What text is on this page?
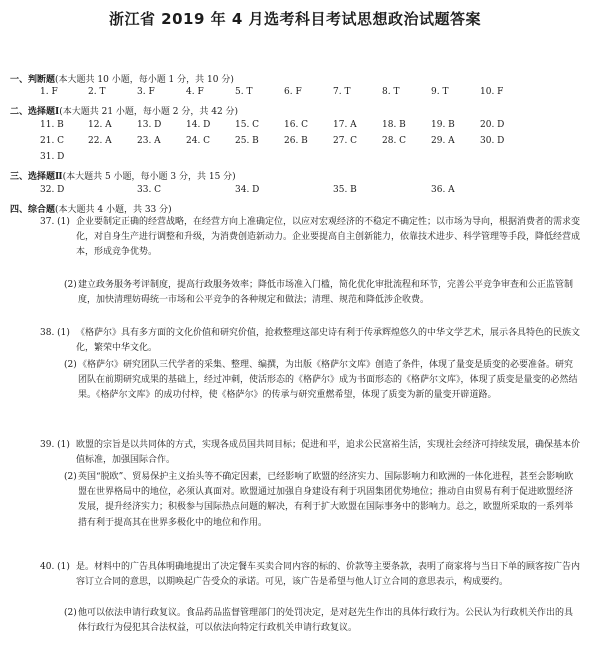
浙江省 2019 年 4 月选考科目考试思想政治试题答案
一、判断题(本大题共 10 小题，每小题 1 分，共 10 分)
1. F	2. T	3. F	4. F	5. T	6. F	7. T	8. T	9. T	10. F
二、选择题Ⅰ(本大题共 21 小题，每小题 2 分，共 42 分)
11. B	12. A	13. D	14. D	15. C	16. C	17. A	18. B	19. B	20. D
21. C	22. A	23. A	24. C	25. B	26. B	27. C	28. C	29. A	30. D
31. D
三、选择题Ⅱ(本大题共 5 小题，每小题 3 分，共 15 分)
32. D	33. C	34. D	35. B	36. A
四、综合题(本大题共 4 小题，共 33 分)
37. (1) 企业要制定正确的经营战略，在经营方向上准确定位，以应对宏观经济的不稳定不确定性；以市场为导向，根据消费者的需求变化，对自身生产进行调整和升级，为消费创造新动力。企业要提高自主创新能力，依靠技术进步、科学管理等手段，降低经营成本，形成竞争优势。
(2) 建立政务服务考评制度，提高行政服务效率；降低市场准入门槛，简化优化审批流程和环节，完善公平竞争审查和公正监管制度，加快清理妨碍统一市场和公平竞争的各种规定和做法；清理、规范和降低涉企收费。
38. (1) 《格萨尔》具有多方面的文化价值和研究价值，抢救整理这部史诗有利于传承辉煌悠久的中华文学艺术，展示各具特色的民族文化，繁荣中华文化。
(2) 《格萨尔》研究团队三代学者的采集、整理、编撰，为出版《格萨尔文库》创造了条件，体现了量变是质变的必要准备。研究团队在前期研究成果的基础上，经过冲刺，使活形态的《格萨尔》成为书面形态的《格萨尔文库》，体现了质变是量变的必然结果。《格萨尔文库》的成功付梓，使《格萨尔》的传承与研究重燃希望，体现了质变为新的量变开辟道路。
39. (1) 欧盟的宗旨是以共同体的方式，实现各成员国共同目标；促进和平，追求公民富裕生活，实现社会经济可持续发展，确保基本价值标准，加强国际合作。
(2) 英国“脱欧”、贸易保护主义抬头等不确定因素，已经影响了欧盟的经济实力、国际影响力和欧洲的一体化进程，甚至会影响欧盟在世界格局中的地位，必须认真面对。欧盟通过加强自身建设有利于巩固集团优势地位；推动自由贸易有利于促进欧盟经济发展，提升经济实力；积极参与国际热点问题的解决，有利于扩大欧盟在国际事务中的影响力。总之，欧盟所采取的一系列举措有利于提高其在世界多极化中的地位和作用。
40. (1) 是。材料中的广告具体明确地提出了决定餐车买卖合同内容的标的、价款等主要条款，表明了商家将与当日下单的顾客按广告内容订立合同的意思，以期唤起广告受众的承诺。可见，该广告是希望与他人订立合同的意思表示，构成要约。
(2) 他可以依法申请行政复议。食品药品监督管理部门的处罚决定，是对赵先生作出的具体行政行为。公民认为行政机关作出的具体行政行为侵犯其合法权益，可以依法向特定行政机关申请行政复议。
